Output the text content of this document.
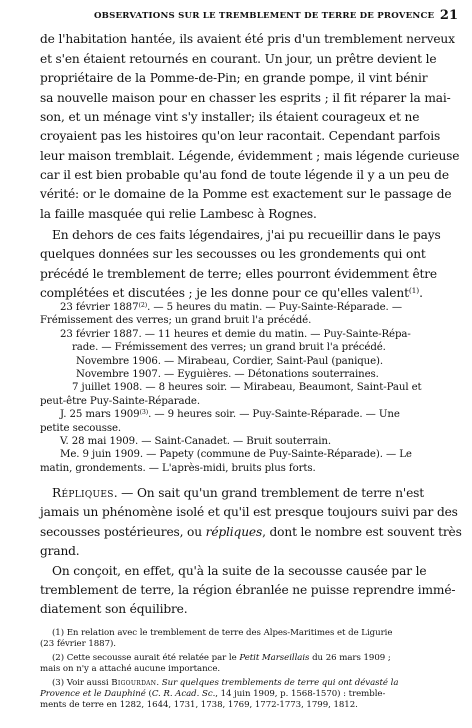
OBSERVATIONS SUR LE TREMBLEMENT DE TERRE DE PROVENCE 21
de l'habitation hantée, ils avaient été pris d'un tremblement nerveux
et s'en étaient retournés en courant. Un jour, un prêtre devient le
propriétaire de la Pomme-de-Pin; en grande pompe, il vint bénir
sa nouvelle maison pour en chasser les esprits ; il fit réparer la mai-
son, et un ménage vint s'y installer; ils étaient courageux et ne
croyaient pas les histoires qu'on leur racontait. Cependant parfois
leur maison tremblait. Légende, évidemment ; mais légende curieuse
car il est bien probable qu'au fond de toute légende il y a un peu de
vérité: or le domaine de la Pomme est exactement sur le passage de
la faille masquée qui relie Lambesc à Rognes.
En dehors de ces faits légendaires, j'ai pu recueillir dans le pays
quelques données sur les secousses ou les grondements qui ont
précédé le tremblement de terre; elles pourront évidemment être
complétées et discutées ; je les donne pour ce qu'elles valent$^{(1)}$.
23 février 1887$^{(2)}$. — 5 heures du matin. — Puy-Sainte-Réparade. —
Frémissement des verres; un grand bruit l'a précédé.
23 février 1887. — 11 heures et demie du matin. — Puy-Sainte-Répa-
rade. — Frémissement des verres; un grand bruit l'a précédé.
Novembre 1906. — Mirabeau, Cordier, Saint-Paul (panique).
Novembre 1907. — Eyguières. — Détonations souterraines.
7 juillet 1908. — 8 heures soir. — Mirabeau, Beaumont, Saint-Paul et
peut-être Puy-Sainte-Réparade.
J. 25 mars 1909$^{(3)}$. — 9 heures soir. — Puy-Sainte-Réparade. — Une
petite secousse.
V. 28 mai 1909. — Saint-Canadet. — Bruit souterrain.
Me. 9 juin 1909. — Papety (commune de Puy-Sainte-Réparade). — Le
matin, grondements. — L'après-midi, bruits plus forts.
Répliques. — On sait qu'un grand tremblement de terre n'est
jamais un phénomène isolé et qu'il est presque toujours suivi par des
secousses postérieures, ou répliques, dont le nombre est souvent très
grand.
On conçoit, en effet, qu'à la suite de la secousse causée par le
tremblement de terre, la région ébranlée ne puisse reprendre immé-
diatement son équilibre.
(1) En relation avec le tremblement de terre des Alpes-Maritimes et de Ligurie
(23 février 1887).
(2) Cette secousse aurait été relatée par le Petit Marseillais du 26 mars 1909 ;
mais on n'y a attaché aucune importance.
(3) Voir aussi Bigourdan. Sur quelques tremblements de terre qui ont dévasté la
Provence et le Dauphiné (C. R. Acad. Sc., 14 juin 1909, p. 1568-1570) : tremble-
ments de terre en 1282, 1644, 1731, 1738, 1769, 1772-1773, 1799, 1812.
